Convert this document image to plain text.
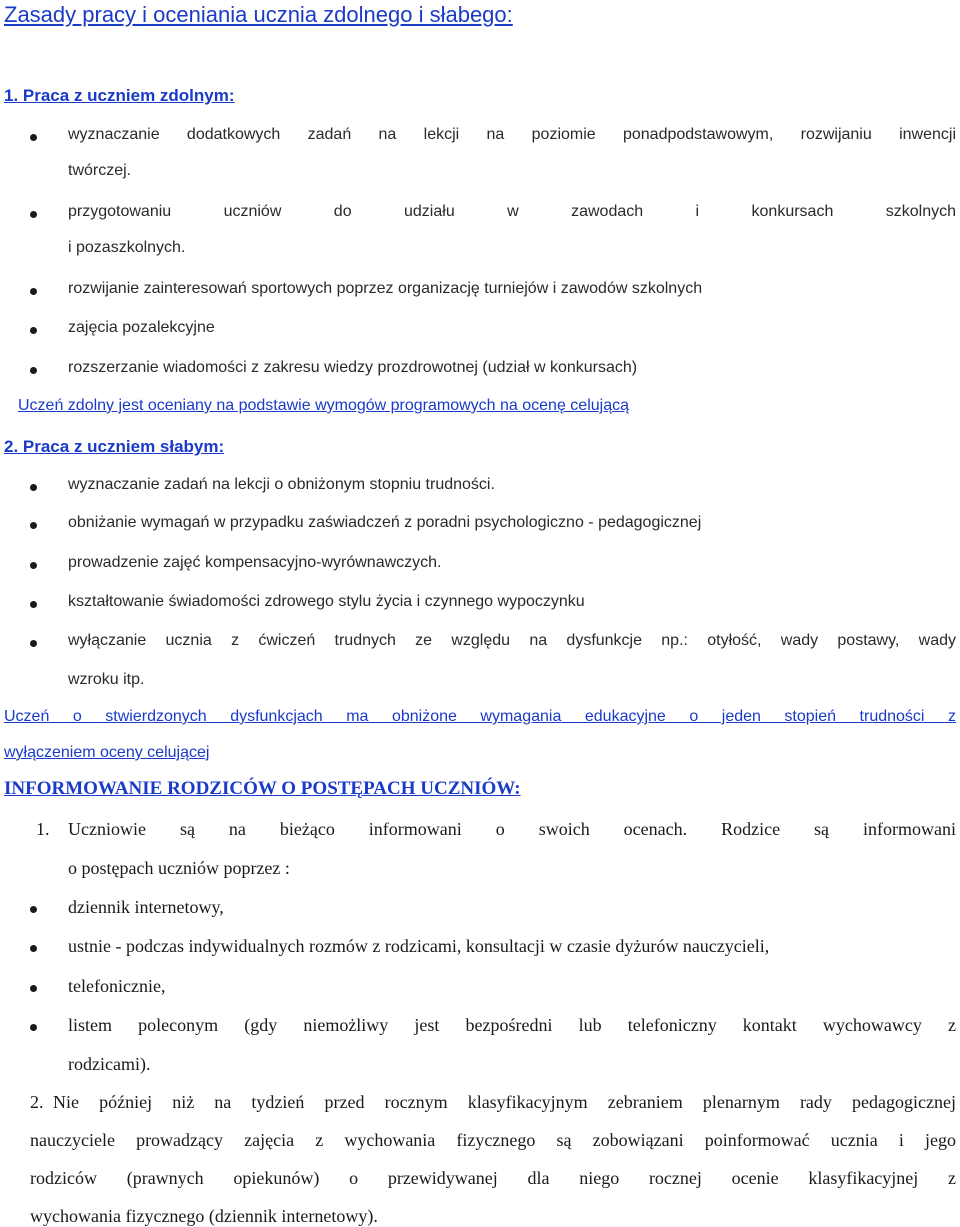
Zasady pracy i oceniania ucznia zdolnego i słabego:
1. Praca z uczniem zdolnym:
wyznaczanie dodatkowych zadań na lekcji na poziomie ponadpodstawowym, rozwijaniu inwencji
twórczej.
przygotowaniu uczniów do udziału w zawodach i konkursach szkolnych
i pozaszkolnych.
rozwijanie zainteresowań sportowych poprzez organizację turniejów i zawodów szkolnych
zajęcia pozalekcyjne
rozszerzanie wiadomości z zakresu wiedzy prozdrowotnej (udział w konkursach)
Uczeń zdolny jest oceniany na podstawie wymogów programowych na ocenę celującą
2. Praca z uczniem słabym:
wyznaczanie zadań na lekcji o obniżonym stopniu trudności.
obniżanie wymagań w przypadku zaświadczeń z poradni psychologiczno - pedagogicznej
prowadzenie zajęć kompensacyjno-wyrównawczych.
kształtowanie świadomości zdrowego stylu życia i czynnego wypoczynku
wyłączanie ucznia z ćwiczeń trudnych ze względu na dysfunkcje np.: otyłość, wady postawy, wady
wzroku itp.
Uczeń o stwierdzonych dysfunkcjach ma obniżone wymagania edukacyjne o jeden stopień trudności z
wyłączeniem oceny celującej
INFORMOWANIE RODZICÓW O POSTĘPACH UCZNIÓW:
1. Uczniowie są na bieżąco informowani o swoich ocenach. Rodzice są informowani
o postępach uczniów poprzez :
dziennik internetowy,
ustnie - podczas indywidualnych rozmów z rodzicami, konsultacji w czasie dyżurów nauczycieli,
telefonicznie,
listem poleconym (gdy niemożliwy jest bezpośredni lub telefoniczny kontakt wychowawcy z
rodzicami).
2. Nie później niż na tydzień przed rocznym klasyfikacyjnym zebraniem plenarnym rady pedagogicznej
nauczyciele prowadzący zajęcia z wychowania fizycznego są zobowiązani poinformować ucznia i jego
rodziców (prawnych opiekunów) o przewidywanej dla niego rocznej ocenie klasyfikacyjnej z
wychowania fizycznego (dziennik internetowy).
